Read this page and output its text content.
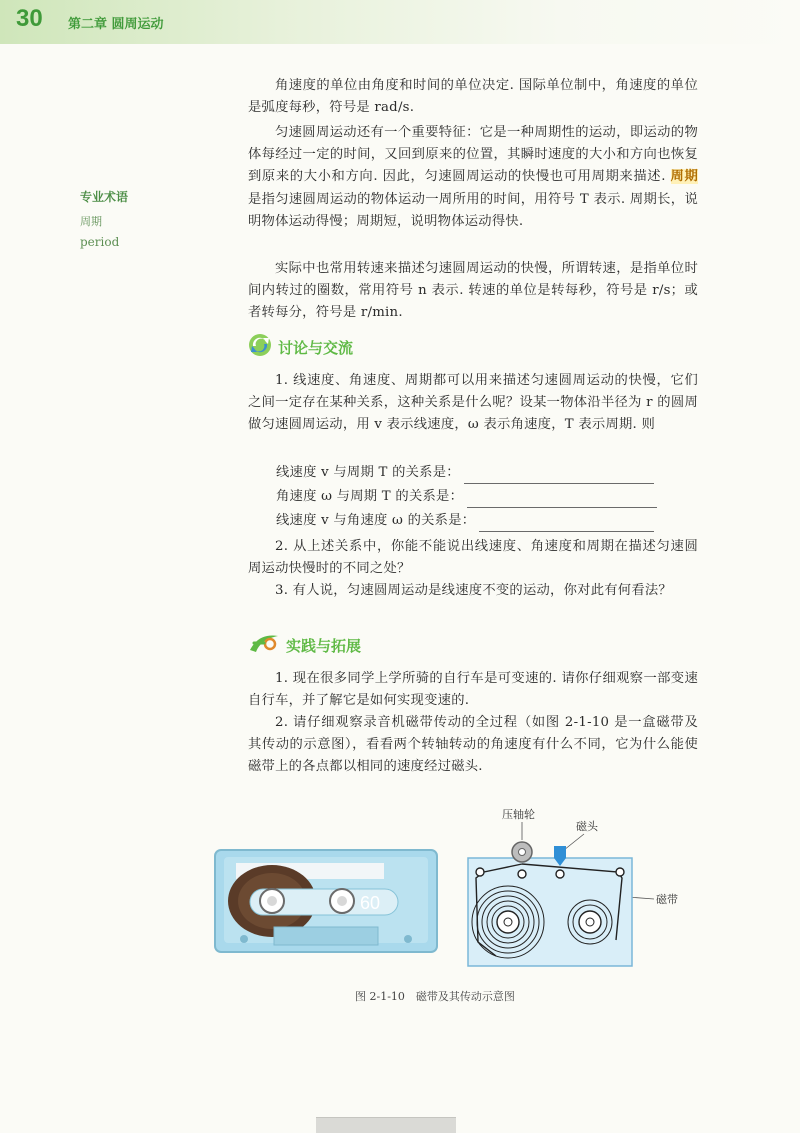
30 第二章 圆周运动
专业术语
周期
period

角速度的单位由角度和时间的单位决定. 国际单位制中，角速度的单位是弧度每秒，符号是 rad/s.

匀速圆周运动还有一个重要特征：它是一种周期性的运动，即运动的物体每经过一定的时间，又回到原来的位置，其瞬时速度的大小和方向也恢复到原来的大小和方向. 因此，匀速圆周运动的快慢也可用周期来描述. 周期是指匀速圆周运动的物体运动一周所用的时间，用符号 T 表示. 周期长，说明物体运动得慢；周期短，说明物体运动得快.

实际中也常用转速来描述匀速圆周运动的快慢，所谓转速，是指单位时间内转过的圈数，常用符号 n 表示. 转速的单位是转每秒，符号是 r/s；或者转每分，符号是 r/min.

讨论与交流

1. 线速度、角速度、周期都可以用来描述匀速圆周运动的快慢，它们之间一定存在某种关系，这种关系是什么呢？设某一物体沿半径为 r 的圆周做匀速圆周运动，用 v 表示线速度，ω 表示角速度，T 表示周期. 则

线速度 v 与周期 T 的关系是：
角速度 ω 与周期 T 的关系是：
线速度 v 与角速度 ω 的关系是：

2. 从上述关系中，你能不能说出线速度、角速度和周期在描述匀速圆周运动快慢时的不同之处？

3. 有人说，匀速圆周运动是线速度不变的运动，你对此有何看法？

实践与拓展

1. 现在很多同学上学所骑的自行车是可变速的. 请你仔细观察一部变速自行车，并了解它是如何实现变速的.

2. 请仔细观察录音机磁带传动的全过程（如图 2-1-10 是一盒磁带及其传动的示意图），看看两个转轴转动的角速度有什么不同，它为什么能使磁带上的各点都以相同的速度经过磁头.

60
压轴轮
磁头
磁带
图 2-1-10　磁带及其传动示意图
